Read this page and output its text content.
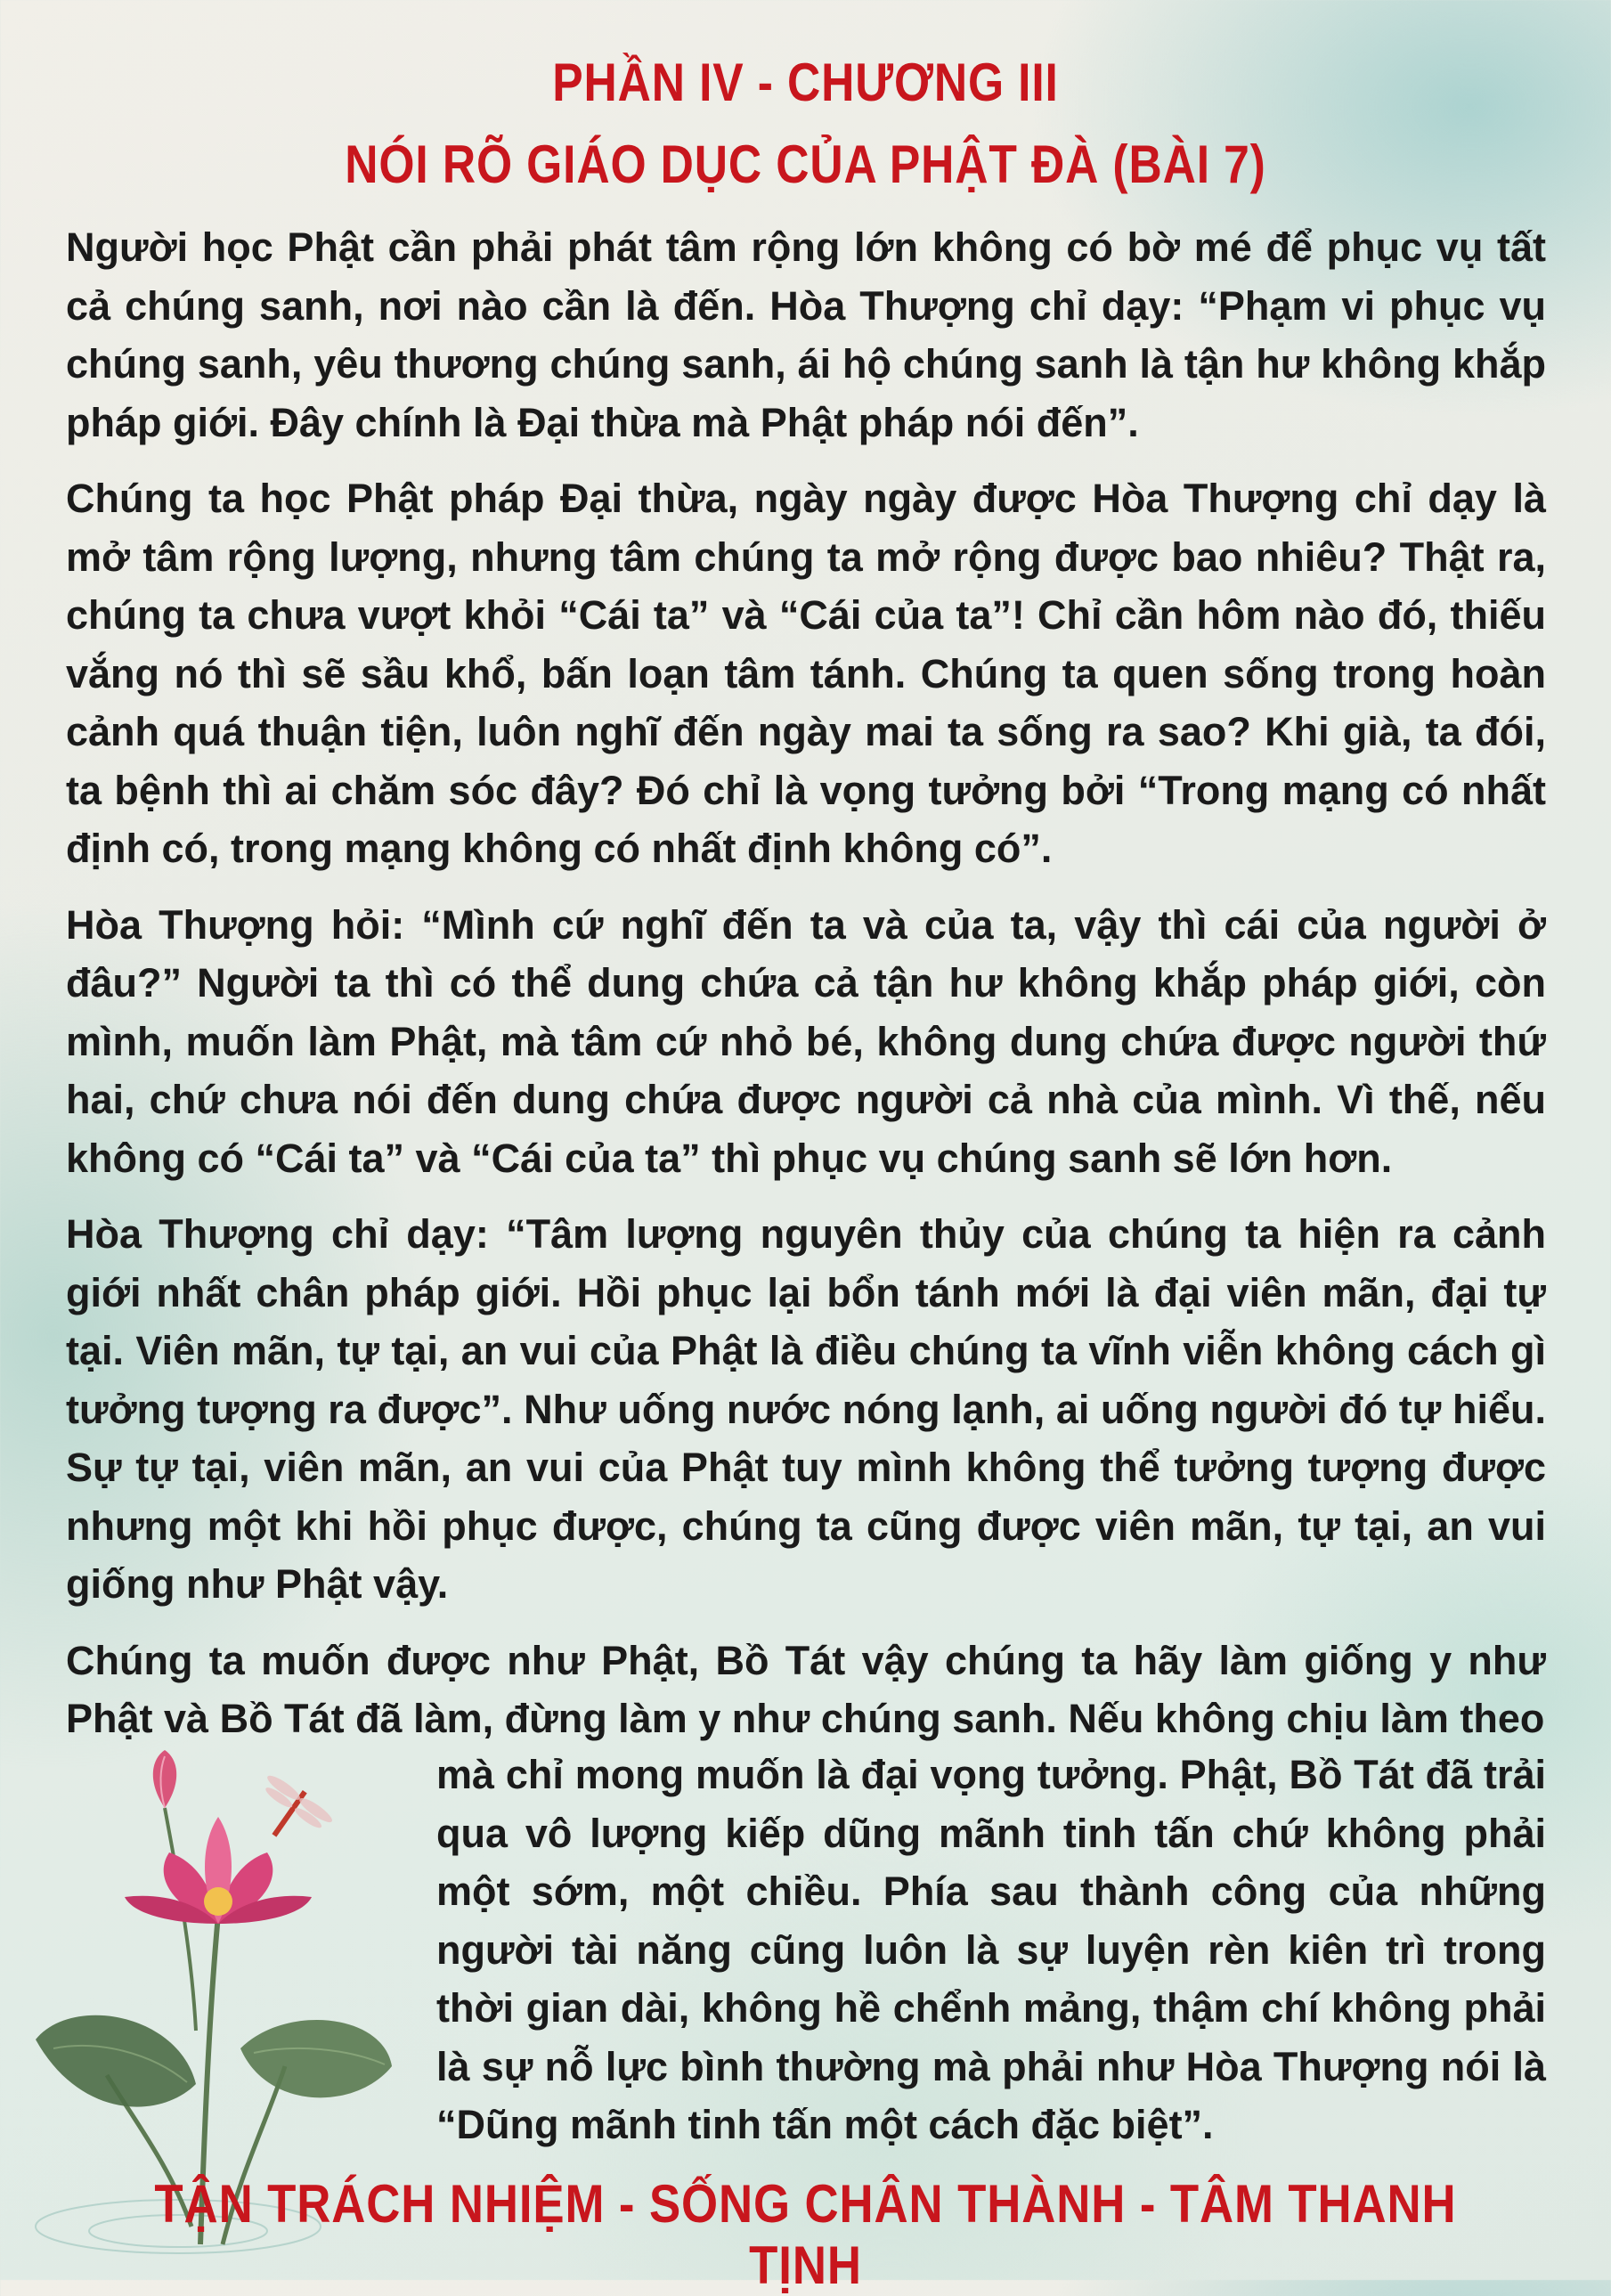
PHẦN IV - CHƯƠNG III
NÓI RÕ GIÁO DỤC CỦA PHẬT ĐÀ (BÀI 7)

Người học Phật cần phải phát tâm rộng lớn không có bờ mé để phục vụ tất cả chúng sanh, nơi nào cần là đến. Hòa Thượng chỉ dạy: “Phạm vi phục vụ chúng sanh, yêu thương chúng sanh, ái hộ chúng sanh là tận hư không khắp pháp giới. Đây chính là Đại thừa mà Phật pháp nói đến”.

Chúng ta học Phật pháp Đại thừa, ngày ngày được Hòa Thượng chỉ dạy là mở tâm rộng lượng, nhưng tâm chúng ta mở rộng được bao nhiêu? Thật ra, chúng ta chưa vượt khỏi “Cái ta” và “Cái của ta”! Chỉ cần hôm nào đó, thiếu vắng nó thì sẽ sầu khổ, bấn loạn tâm tánh. Chúng ta quen sống trong hoàn cảnh quá thuận tiện, luôn nghĩ đến ngày mai ta sống ra sao? Khi già, ta đói, ta bệnh thì ai chăm sóc đây? Đó chỉ là vọng tưởng bởi “Trong mạng có nhất định có, trong mạng không có nhất định không có”.

Hòa Thượng hỏi: “Mình cứ nghĩ đến ta và của ta, vậy thì cái của người ở đâu?” Người ta thì có thể dung chứa cả tận hư không khắp pháp giới, còn mình, muốn làm Phật, mà tâm cứ nhỏ bé, không dung chứa được người thứ hai, chứ chưa nói đến dung chứa được người cả nhà của mình. Vì thế, nếu không có “Cái ta” và “Cái của ta” thì phục vụ chúng sanh sẽ lớn hơn.

Hòa Thượng chỉ dạy: “Tâm lượng nguyên thủy của chúng ta hiện ra cảnh giới nhất chân pháp giới. Hồi phục lại bổn tánh mới là đại viên mãn, đại tự tại. Viên mãn, tự tại, an vui của Phật là điều chúng ta vĩnh viễn không cách gì tưởng tượng ra được”. Như uống nước nóng lạnh, ai uống người đó tự hiểu. Sự tự tại, viên mãn, an vui của Phật tuy mình không thể tưởng tượng được nhưng một khi hồi phục được, chúng ta cũng được viên mãn, tự tại, an vui giống như Phật vậy.

Chúng ta muốn được như Phật, Bồ Tát vậy chúng ta hãy làm giống y như Phật và Bồ Tát đã làm, đừng làm y như chúng sanh. Nếu không chịu làm theo

mà chỉ mong muốn là đại vọng tưởng. Phật, Bồ Tát đã trải qua vô lượng kiếp dũng mãnh tinh tấn chứ không phải một sớm, một chiều. Phía sau thành công của những người tài năng cũng luôn là sự luyện rèn kiên trì trong thời gian dài, không hề chểnh mảng, thậm chí không phải là sự nỗ lực bình thường mà phải như Hòa Thượng nói là “Dũng mãnh tinh tấn một cách đặc biệt”.

TẬN TRÁCH NHIỆM - SỐNG CHÂN THÀNH - TÂM THANH TỊNH
